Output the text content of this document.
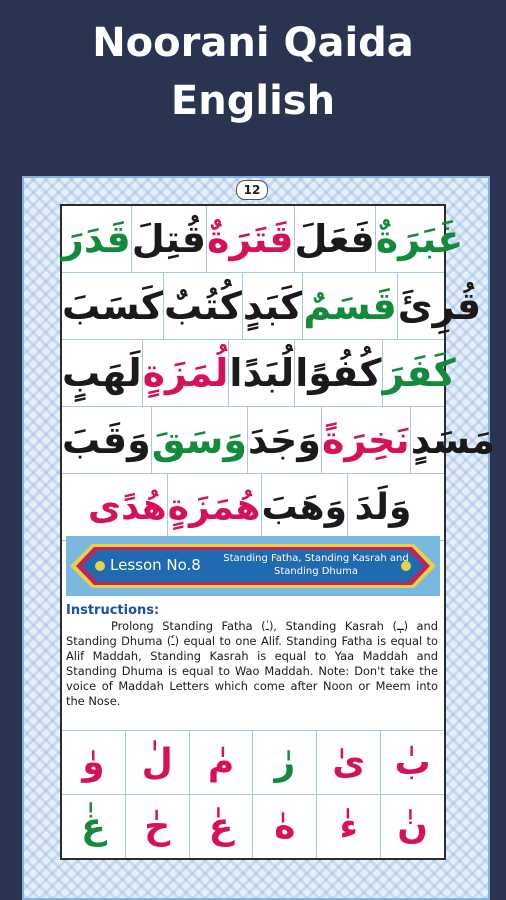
Noorani Qaida
English
12
قَدَرَ قُتِلَ قَتَرَةٌ فَعَلَ غَبَرَةٌ
كَسَبَ كُتُبٌ كَبَدٍ قَسَمٌ قُرِئَ
لَهَبٍ لُمَزَةٍ لُبَدًا كُفُوًا كَفَرَ
وَقَبَ وَسَقَ وَجَدَ نَخِرَةً مَسَدٍ
هُدًى هُمَزَةٍ وَهَبَ وَلَدَ
Lesson No.8	Standing Fatha, Standing Kasrah and Standing Dhuma

Instructions:

Prolong Standing Fatha (ـٰ), Standing Kasrah (ـٖ) and Standing Dhuma (ـٗ) equal to one Alif. Standing Fatha is equal to Alif Maddah, Standing Kasrah is equal to Yaa Maddah and Standing Dhuma is equal to Wao Maddah. Note: Don't take the voice of Maddah Letters which come after Noon or Meem into the Nose.

وٰ	لٰ مٰ	رٰ	ىٰ بٰ
غٰ	حٰ	عٰ	هٰ	ءٰ	نٰ
